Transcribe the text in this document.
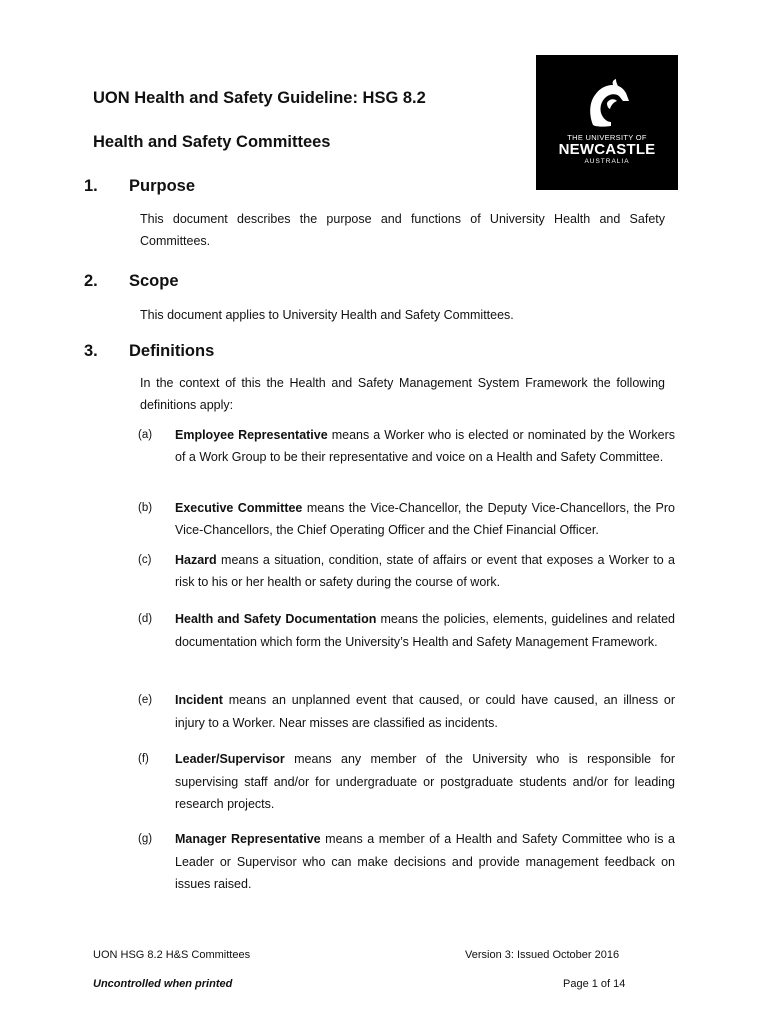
UON Health and Safety Guideline: HSG 8.2
Health and Safety Committees	THE UNIVERSITY OF
NEWCASTLE
AUSTRALIA
1. Purpose

This document describes the purpose and functions of University Health and Safety Committees.

2. Scope

This document applies to University Health and Safety Committees.

3. Definitions

In the context of this the Health and Safety Management System Framework the following definitions apply:

(a) Employee Representative means a Worker who is elected or nominated by the Workers of a Work Group to be their representative and voice on a Health and Safety Committee.
(b) Executive Committee means the Vice-Chancellor, the Deputy Vice-Chancellors, the Pro Vice-Chancellors, the Chief Operating Officer and the Chief Financial Officer.
(c) Hazard means a situation, condition, state of affairs or event that exposes a Worker to a risk to his or her health or safety during the course of work.
(d) Health and Safety Documentation means the policies, elements, guidelines and related documentation which form the University’s Health and Safety Management Framework.
(e) Incident means an unplanned event that caused, or could have caused, an illness or injury to a Worker. Near misses are classified as incidents.
(f) Leader/Supervisor means any member of the University who is responsible for supervising staff and/or for undergraduate or postgraduate students and/or for leading research projects.
(g) Manager Representative means a member of a Health and Safety Committee who is a Leader or Supervisor who can make decisions and provide management feedback on issues raised.
UON HSG 8.2 H&S Committees	Version 3: Issued October 2016
Uncontrolled when printed	Page 1 of 14
